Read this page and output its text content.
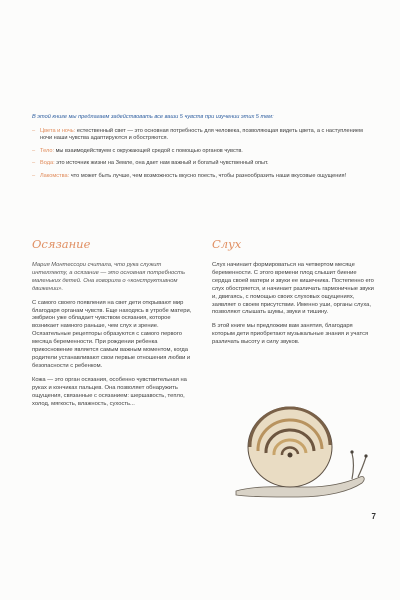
В этой книге мы предлагаем задействовать все ваши 5 чувств при изучении этих 5 тем:
– Цвета и ночь: естественный свет — это основная потребность для человека, позволяющая видеть цвета, а с наступлением ночи наши чувства адаптируются и обостряются.
– Тело: мы взаимодействуем с окружающей средой с помощью органов чувств.
– Вода: это источник жизни на Земле, она дает нам важный и богатый чувственный опыт.
– Лакомства: что может быть лучше, чем возможность вкусно поесть, чтобы разнообразить наши вкусовые ощущения!
Осязание	Слух

Мария Монтессори считала, что рука служит интеллекту, а осязание — это основная потребность маленьких детей. Она говорила о «конструктивном движении».

С самого своего появления на свет дети открывают мир благодаря органам чувств. Еще находясь в утробе матери, эмбрион уже обладает чувством осязания, которое возникает намного раньше, чем слух и зрение. Осязательные рецепторы образуются с самого первого месяца беременности. При рождении ребенка прикосновение является самым важным моментом, когда родители устанавливают свои первые отношения любви и безопасности с ребенком.

Кожа — это орган осязания, особенно чувствительная на руках и кончиках пальцев. Она позволяет обнаружить ощущения, связанные с осязанием: шершавость, тепло, холод, мягкость, влажность, сухость...

Слух начинает формироваться на четвертом месяце беременности. С этого времени плод слышит биение сердца своей матери и звуки ее кишечника. Постепенно его слух обостряется, и начинает различать гармоничные звуки и, двигаясь, с помощью своих слуховых ощущениях, заявляет о своем присутствии. Именно уши, органы слуха, позволяют слышать шумы, звуки и тишину.

В этой книге мы предложим вам занятия, благодаря которым дети приобретают музыкальные знания и учатся различать высоту и силу звуков.

7
